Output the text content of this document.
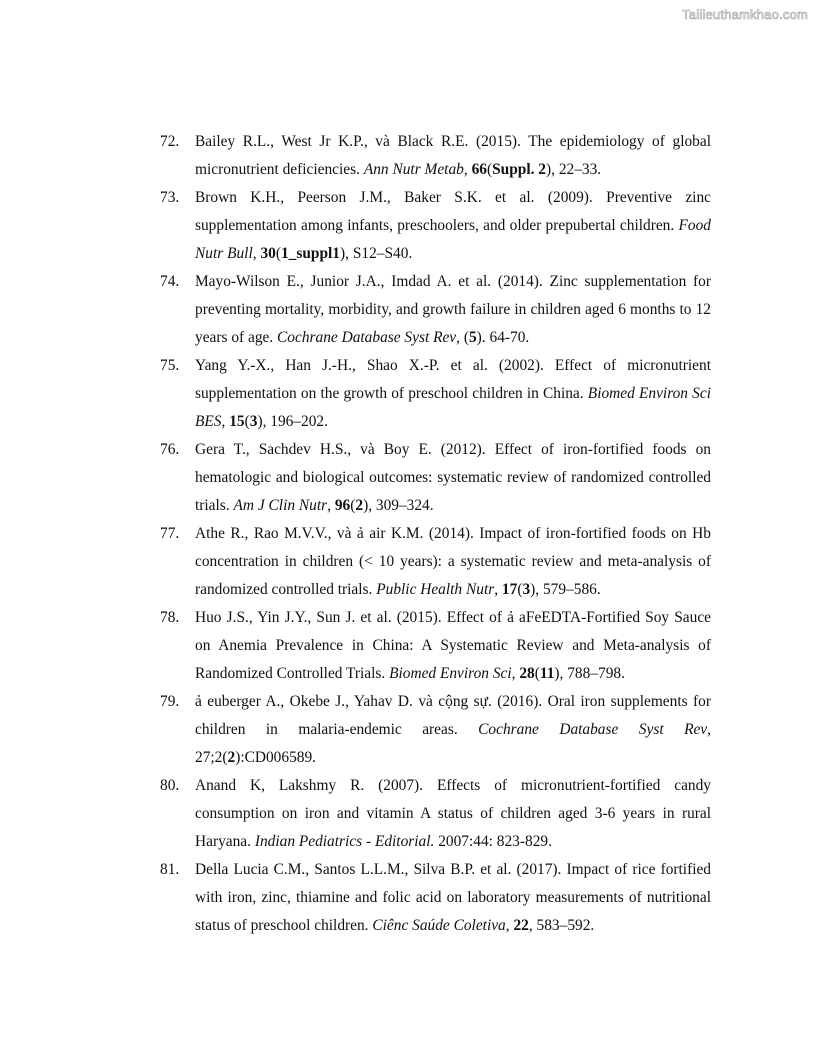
Tailieuthamkhao.com
72.	Bailey R.L., West Jr K.P., và Black R.E. (2015). The epidemiology of global micronutrient deficiencies. Ann Nutr Metab, 66(Suppl. 2), 22–33.
73.	Brown K.H., Peerson J.M., Baker S.K. et al. (2009). Preventive zinc supplementation among infants, preschoolers, and older prepubertal children. Food Nutr Bull, 30(1_suppl1), S12–S40.
74.	Mayo-Wilson E., Junior J.A., Imdad A. et al. (2014). Zinc supplementation for preventing mortality, morbidity, and growth failure in children aged 6 months to 12 years of age. Cochrane Database Syst Rev, (5). 64-70.
75.	Yang Y.-X., Han J.-H., Shao X.-P. et al. (2002). Effect of micronutrient supplementation on the growth of preschool children in China. Biomed Environ Sci BES, 15(3), 196–202.
76.	Gera T., Sachdev H.S., và Boy E. (2012). Effect of iron-fortified foods on hematologic and biological outcomes: systematic review of randomized controlled trials. Am J Clin Nutr, 96(2), 309–324.
77.	Athe R., Rao M.V.V., và ả air K.M. (2014). Impact of iron-fortified foods on Hb concentration in children (< 10 years): a systematic review and meta-analysis of randomized controlled trials. Public Health Nutr, 17(3), 579–586.
78.	Huo J.S., Yin J.Y., Sun J. et al. (2015). Effect of ả aFeEDTA-Fortified Soy Sauce on Anemia Prevalence in China: A Systematic Review and Meta-analysis of Randomized Controlled Trials. Biomed Environ Sci, 28(11), 788–798.
79.	ả euberger A., Okebe J., Yahav D. và cộng sự. (2016). Oral iron supplements for children in malaria-endemic areas. Cochrane Database Syst Rev, 27;2(2):CD006589.
80.	Anand K, Lakshmy R. (2007). Effects of micronutrient-fortified candy consumption on iron and vitamin A status of children aged 3-6 years in rural Haryana. Indian Pediatrics - Editorial. 2007:44: 823-829.
81.	Della Lucia C.M., Santos L.L.M., Silva B.P. et al. (2017). Impact of rice fortified with iron, zinc, thiamine and folic acid on laboratory measurements of nutritional status of preschool children. Ciênc Saúde Coletiva, 22, 583–592.
